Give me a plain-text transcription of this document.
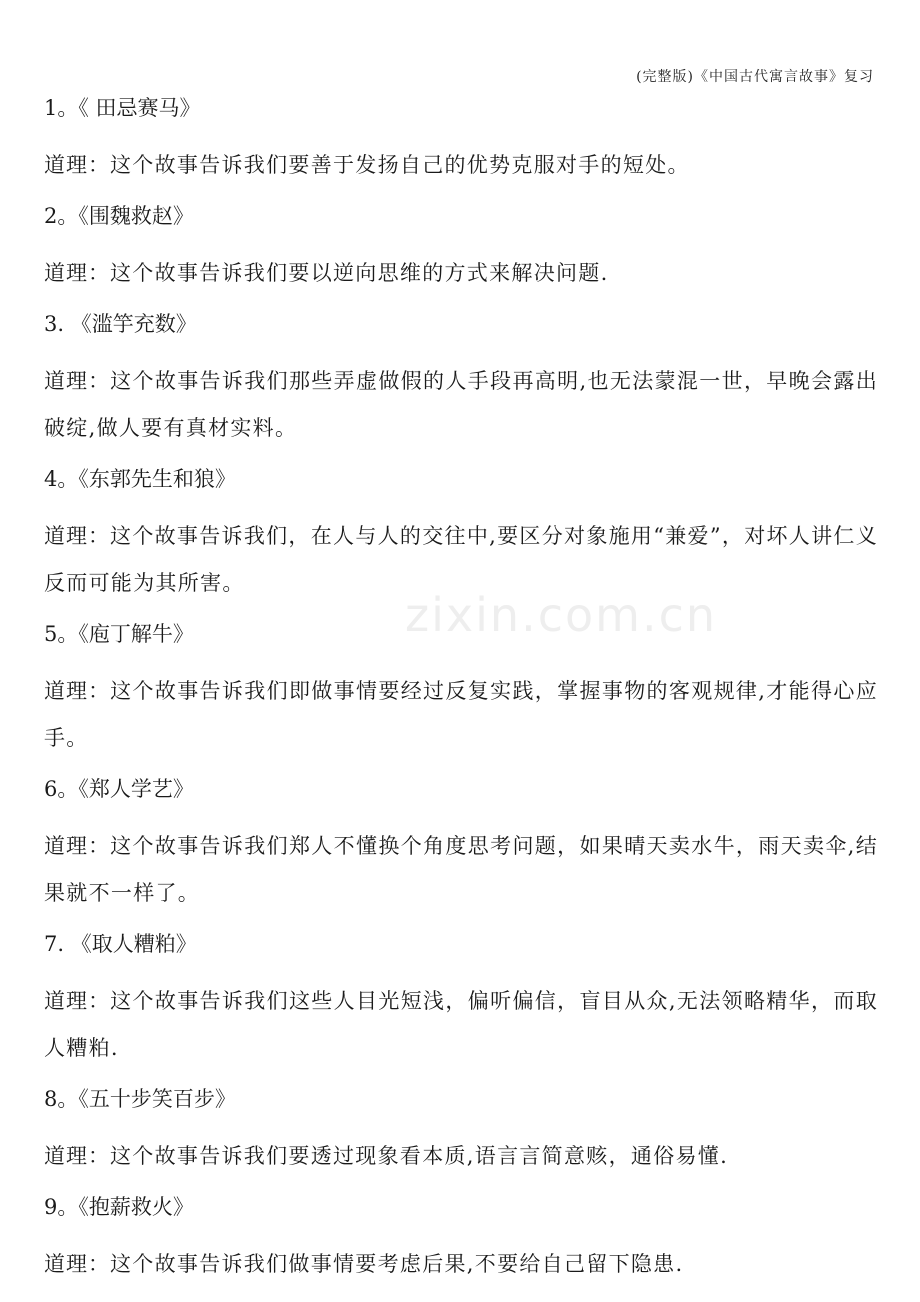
(完整版)《中国古代寓言故事》复习
zixin.com.cn
1。《 田忌赛马》
道理：这个故事告诉我们要善于发扬自己的优势克服对手的短处。
2。《围魏救赵》
道理：这个故事告诉我们要以逆向思维的方式来解决问题.
3. 《滥竽充数》
道理：这个故事告诉我们那些弄虚做假的人手段再高明,也无法蒙混一世，早晚会露出破绽,做人要有真材实料。
4。《东郭先生和狼》
道理：这个故事告诉我们，在人与人的交往中,要区分对象施用“兼爱”，对坏人讲仁义反而可能为其所害。
5。《庖丁解牛》
道理：这个故事告诉我们即做事情要经过反复实践，掌握事物的客观规律,才能得心应手。
6。《郑人学艺》
道理：这个故事告诉我们郑人不懂换个角度思考问题，如果晴天卖水牛，雨天卖伞,结果就不一样了。
7. 《取人糟粕》
道理：这个故事告诉我们这些人目光短浅，偏听偏信，盲目从众,无法领略精华，而取人糟粕.
8。《五十步笑百步》
道理：这个故事告诉我们要透过现象看本质,语言言简意赅，通俗易懂.
9。《抱薪救火》
道理：这个故事告诉我们做事情要考虑后果,不要给自己留下隐患.
